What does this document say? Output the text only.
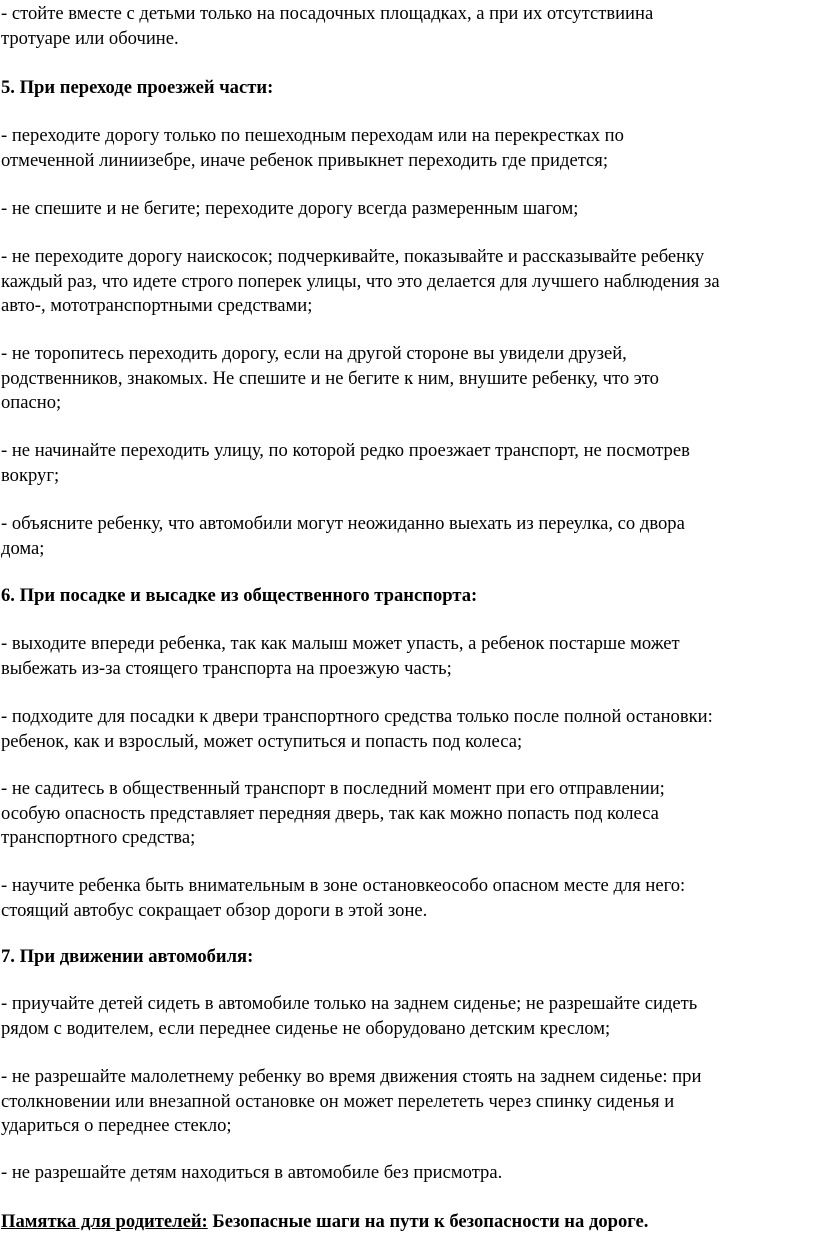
- стойте вместе с детьми только на посадочных площадках, а при их отсутствиина
тротуаре или обочине.

5. При переходе проезжей части:

- переходите дорогу только по пешеходным переходам или на перекрестках по
отмеченной линиизебре, иначе ребенок привыкнет переходить где придется;

- не спешите и не бегите; переходите дорогу всегда размеренным шагом;

- не переходите дорогу наискосок; подчеркивайте, показывайте и рассказывайте ребенку
каждый раз, что идете строго поперек улицы, что это делается для лучшего наблюдения за
авто-, мототранспортными средствами;

- не торопитесь переходить дорогу, если на другой стороне вы увидели друзей,
родственников, знакомых. Не спешите и не бегите к ним, внушите ребенку, что это
опасно;

- не начинайте переходить улицу, по которой редко проезжает транспорт, не посмотрев
вокруг;

- объясните ребенку, что автомобили могут неожиданно выехать из переулка, со двора
дома;

6. При посадке и высадке из общественного транспорта:

- выходите впереди ребенка, так как малыш может упасть, а ребенок постарше может
выбежать из-за стоящего транспорта на проезжую часть;

- подходите для посадки к двери транспортного средства только после полной остановки:
ребенок, как и взрослый, может оступиться и попасть под колеса;

- не садитесь в общественный транспорт в последний момент при его отправлении;
особую опасность представляет передняя дверь, так как можно попасть под колеса
транспортного средства;

- научите ребенка быть внимательным в зоне остановкеособо опасном месте для него:
стоящий автобус сокращает обзор дороги в этой зоне.

7. При движении автомобиля:

- приучайте детей сидеть в автомобиле только на заднем сиденье; не разрешайте сидеть
рядом с водителем, если переднее сиденье не оборудовано детским креслом;

- не разрешайте малолетнему ребенку во время движения стоять на заднем сиденье: при
столкновении или внезапной остановке он может перелететь через спинку сиденья и
удариться о переднее стекло;

- не разрешайте детям находиться в автомобиле без присмотра.

Памятка для родителей: Безопасные шаги на пути к безопасности на дороге.
